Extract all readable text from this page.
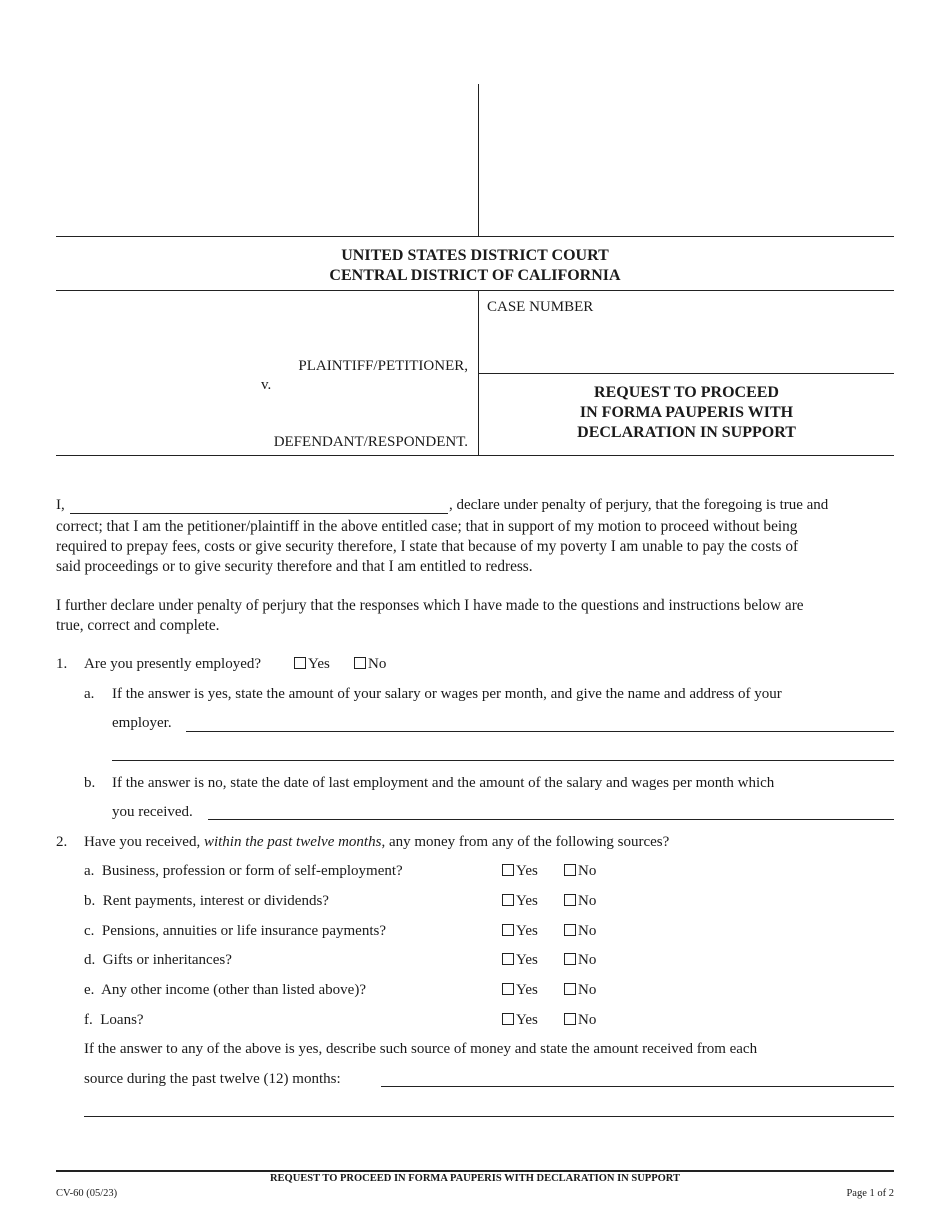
UNITED STATES DISTRICT COURT
CENTRAL DISTRICT OF CALIFORNIA
PLAINTIFF/PETITIONER,
v.
DEFENDANT/RESPONDENT.
CASE NUMBER
REQUEST TO PROCEED
IN FORMA PAUPERIS WITH
DECLARATION IN SUPPORT
I,	, declare under penalty of perjury, that the foregoing is true and
correct; that I am the petitioner/plaintiff in the above entitled case; that in support of my motion to proceed without being
required to prepay fees, costs or give security therefore, I state that because of my poverty I am unable to pay the costs of
said proceedings or to give security therefore and that I am entitled to redress.
I further declare under penalty of perjury that the responses which I have made to the questions and instructions below are
true, correct and complete.
1. Are you presently employed?	Yes	No
a. If the answer is yes, state the amount of your salary or wages per month, and give the name and address of your
employer.
b. If the answer is no, state the date of last employment and the amount of the salary and wages per month which
you received.
2. Have you received, within the past twelve months, any money from any of the following sources?
a.  Business, profession or form of self-employment?	Yes	No
b.  Rent payments, interest or dividends?	Yes	No
c.  Pensions, annuities or life insurance payments?	Yes	No
d.  Gifts or inheritances?	Yes	No
e.  Any other income (other than listed above)?	Yes	No
f.  Loans?	Yes	No
If the answer to any of the above is yes, describe such source of money and state the amount received from each
source during the past twelve (12) months:
REQUEST TO PROCEED IN FORMA PAUPERIS WITH DECLARATION IN SUPPORT
CV-60 (05/23)	Page 1 of 2
